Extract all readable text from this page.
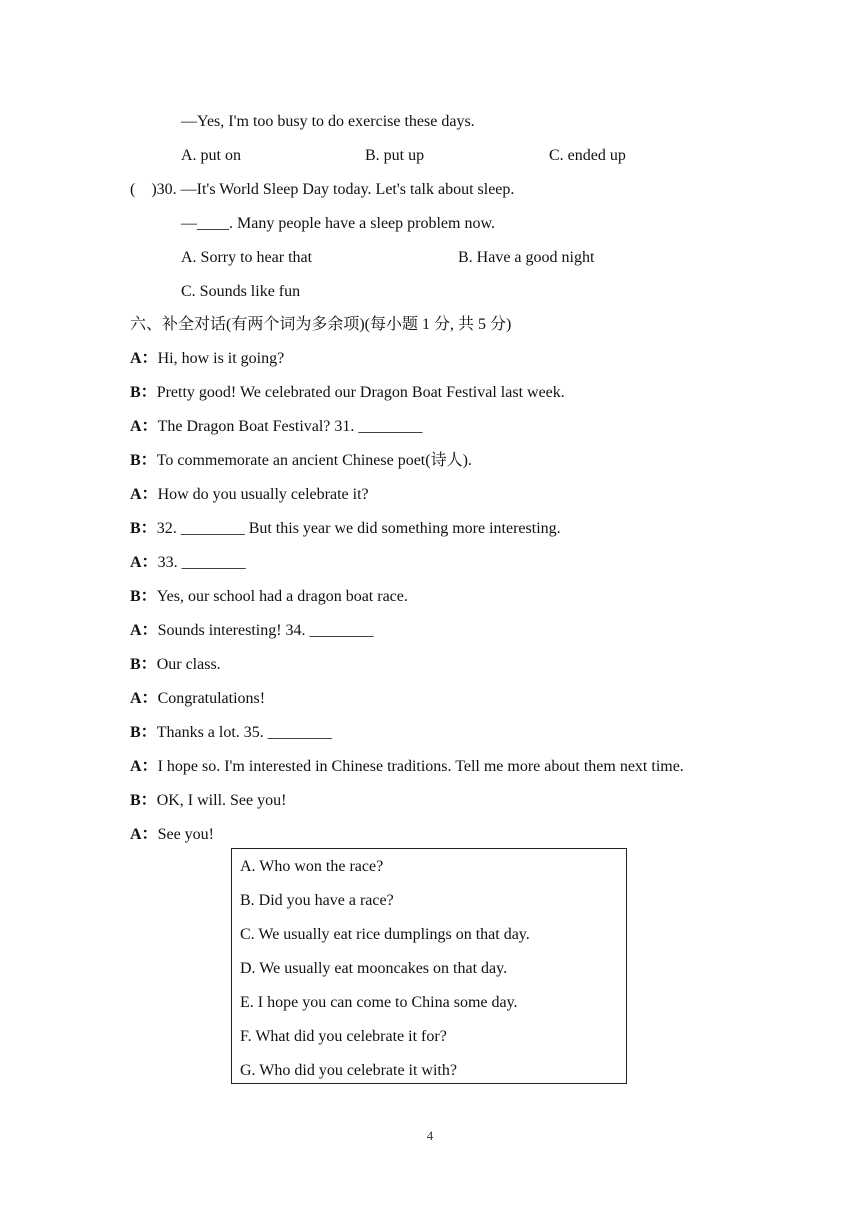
—Yes, I'm too busy to do exercise these days.
A. put on	B. put up	C. ended up
(    )30. —It's World Sleep Day today. Let's talk about sleep.
—____. Many people have a sleep problem now.
A. Sorry to hear that	B. Have a good night
C. Sounds like fun
六、补全对话(有两个词为多余项)(每小题 1 分, 共 5 分)
A：Hi, how is it going?
B：Pretty good! We celebrated our Dragon Boat Festival last week.
A：The Dragon Boat Festival? 31. ________
B：To commemorate an ancient Chinese poet(诗人).
A：How do you usually celebrate it?
B：32. ________ But this year we did something more interesting.
A：33. ________
B：Yes, our school had a dragon boat race.
A：Sounds interesting! 34. ________
B：Our class.
A：Congratulations!
B：Thanks a lot. 35. ________
A：I hope so. I'm interested in Chinese traditions. Tell me more about them next time.
B：OK, I will. See you!
A：See you!
A. Who won the race?
B. Did you have a race?
C. We usually eat rice dumplings on that day.
D. We usually eat mooncakes on that day.
E. I hope you can come to China some day.
F. What did you celebrate it for?
G. Who did you celebrate it with?
4
